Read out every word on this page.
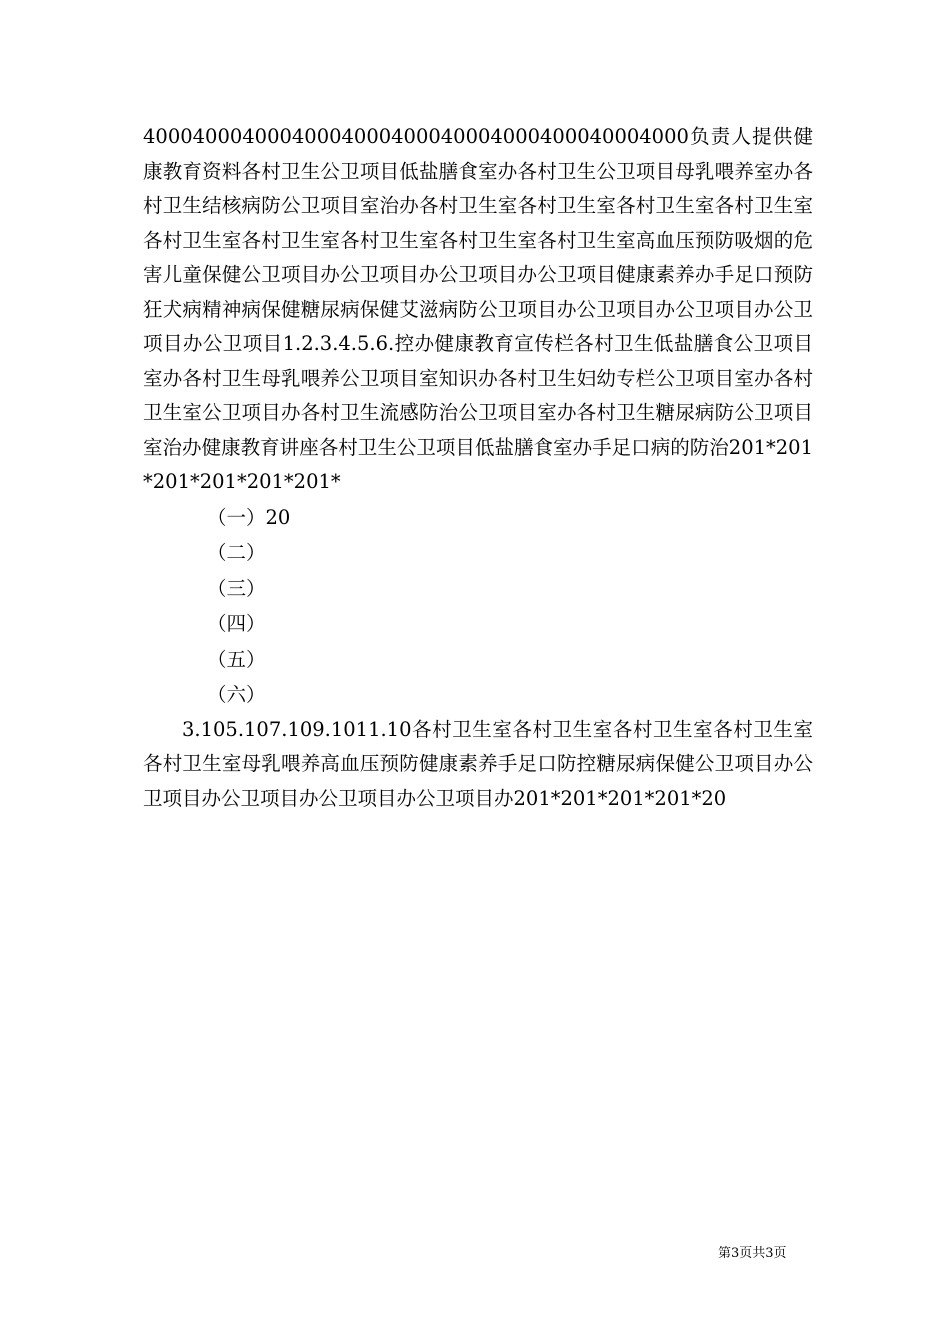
40004000400040004000400040004000400040004000负责人提供健康教育资料各村卫生公卫项目低盐膳食室办各村卫生公卫项目母乳喂养室办各村卫生结核病防公卫项目室治办各村卫生室各村卫生室各村卫生室各村卫生室各村卫生室各村卫生室各村卫生室各村卫生室各村卫生室高血压预防吸烟的危害儿童保健公卫项目办公卫项目办公卫项目办公卫项目健康素养办手足口预防狂犬病精神病保健糖尿病保健艾滋病防公卫项目办公卫项目办公卫项目办公卫项目办公卫项目1.2.3.4.5.6.控办健康教育宣传栏各村卫生低盐膳食公卫项目室办各村卫生母乳喂养公卫项目室知识办各村卫生妇幼专栏公卫项目室办各村卫生室公卫项目办各村卫生流感防治公卫项目室办各村卫生糖尿病防公卫项目室治办健康教育讲座各村卫生公卫项目低盐膳食室办手足口病的防治201*201*201*201*201*201*

（一）20

（二）

（三）

（四）

（五）

（六）

3.105.107.109.1011.10各村卫生室各村卫生室各村卫生室各村卫生室各村卫生室母乳喂养高血压预防健康素养手足口防控糖尿病保健公卫项目办公卫项目办公卫项目办公卫项目办公卫项目办201*201*201*201*20

第3页共3页
